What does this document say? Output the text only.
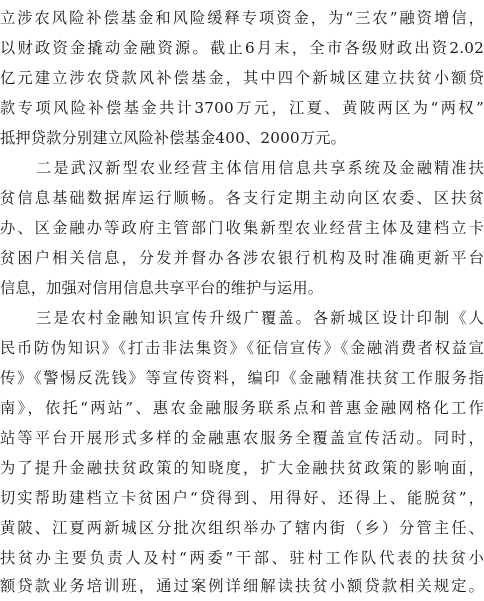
立涉农风险补偿基金和风险缓释专项资金，为“三农”融资增信，

以财政资金撬动金融资源。截止6月末，全市各级财政出资2.02

亿元建立涉农贷款风补偿基金，其中四个新城区建立扶贫小额贷

款专项风险补偿基金共计3700万元，江夏、黄陂两区为“两权”

抵押贷款分别建立风险补偿基金400、2000万元。

二是武汉新型农业经营主体信用信息共享系统及金融精准扶

贫信息基础数据库运行顺畅。各支行定期主动向区农委、区扶贫

办、区金融办等政府主管部门收集新型农业经营主体及建档立卡

贫困户相关信息，分发并督办各涉农银行机构及时准确更新平台

信息，加强对信用信息共享平台的维护与运用。

三是农村金融知识宣传升级广覆盖。各新城区设计印制《人

民币防伪知识》《打击非法集资》《征信宣传》《金融消费者权益宣

传》《警惕反洗钱》等宣传资料，编印《金融精准扶贫工作服务指

南》，依托“两站”、惠农金融服务联系点和普惠金融网格化工作

站等平台开展形式多样的金融惠农服务全覆盖宣传活动。同时，

为了提升金融扶贫政策的知晓度，扩大金融扶贫政策的影响面，

切实帮助建档立卡贫困户“贷得到、用得好、还得上、能脱贫”，

黄陂、江夏两新城区分批次组织举办了辖内街（乡）分管主任、

扶贫办主要负责人及村“两委”干部、驻村工作队代表的扶贫小

额贷款业务培训班，通过案例详细解读扶贫小额贷款相关规定。
